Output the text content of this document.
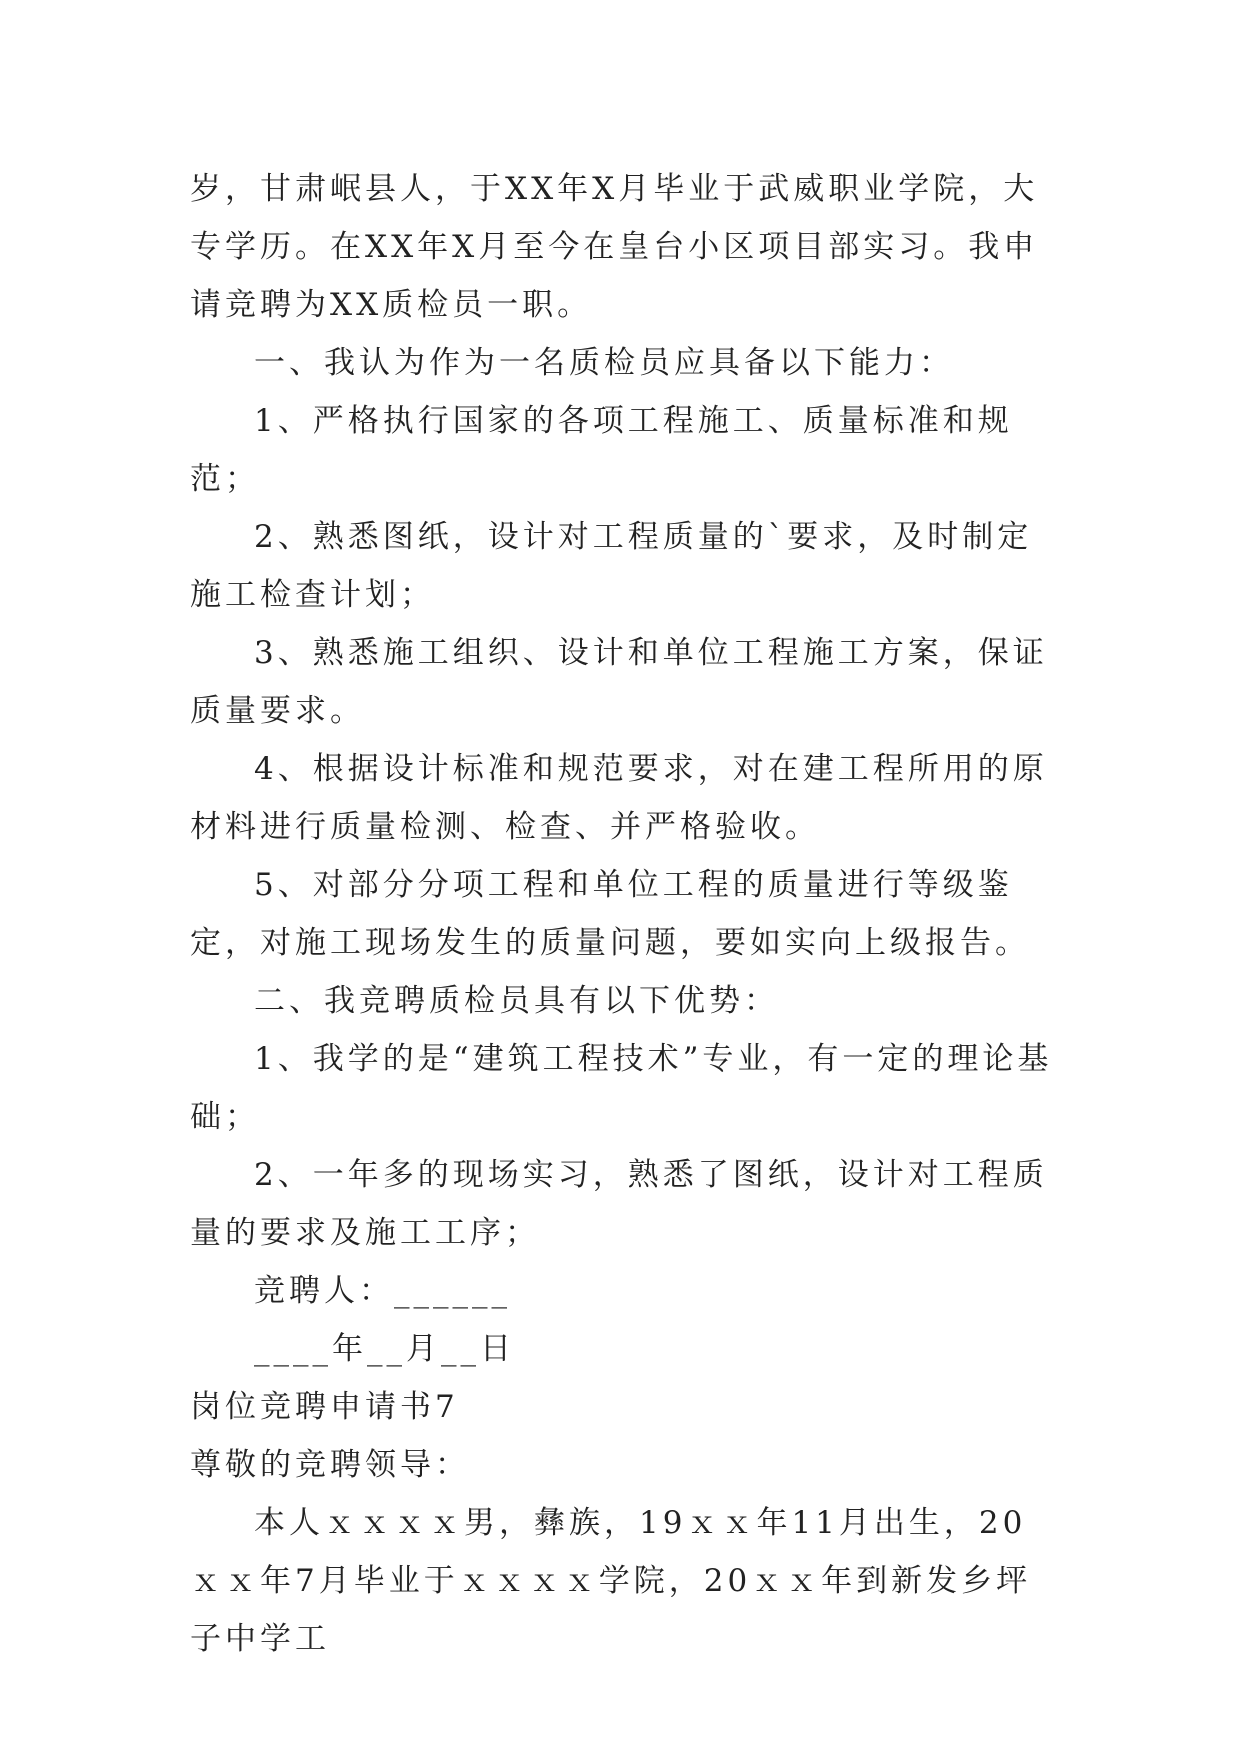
岁，甘肃岷县人，于XX年X月毕业于武威职业学院，大专学历。在XX年X月至今在皇台小区项目部实习。我申请竞聘为XX质检员一职。

一、我认为作为一名质检员应具备以下能力：

1、严格执行国家的各项工程施工、质量标准和规范；

2、熟悉图纸，设计对工程质量的`要求，及时制定施工检查计划；

3、熟悉施工组织、设计和单位工程施工方案，保证质量要求。

4、根据设计标准和规范要求，对在建工程所用的原材料进行质量检测、检查、并严格验收。

5、对部分分项工程和单位工程的质量进行等级鉴定，对施工现场发生的质量问题，要如实向上级报告。

二、我竞聘质检员具有以下优势：

1、我学的是“建筑工程技术”专业，有一定的理论基础；

2、一年多的现场实习，熟悉了图纸，设计对工程质量的要求及施工工序；

竞聘人：______

____年__月__日

岗位竞聘申请书7

尊敬的竞聘领导：

本人ｘｘｘｘ男，彝族，19ｘｘ年11月出生，20ｘｘ年7月毕业于ｘｘｘｘ学院，20ｘｘ年到新发乡坪子中学工
